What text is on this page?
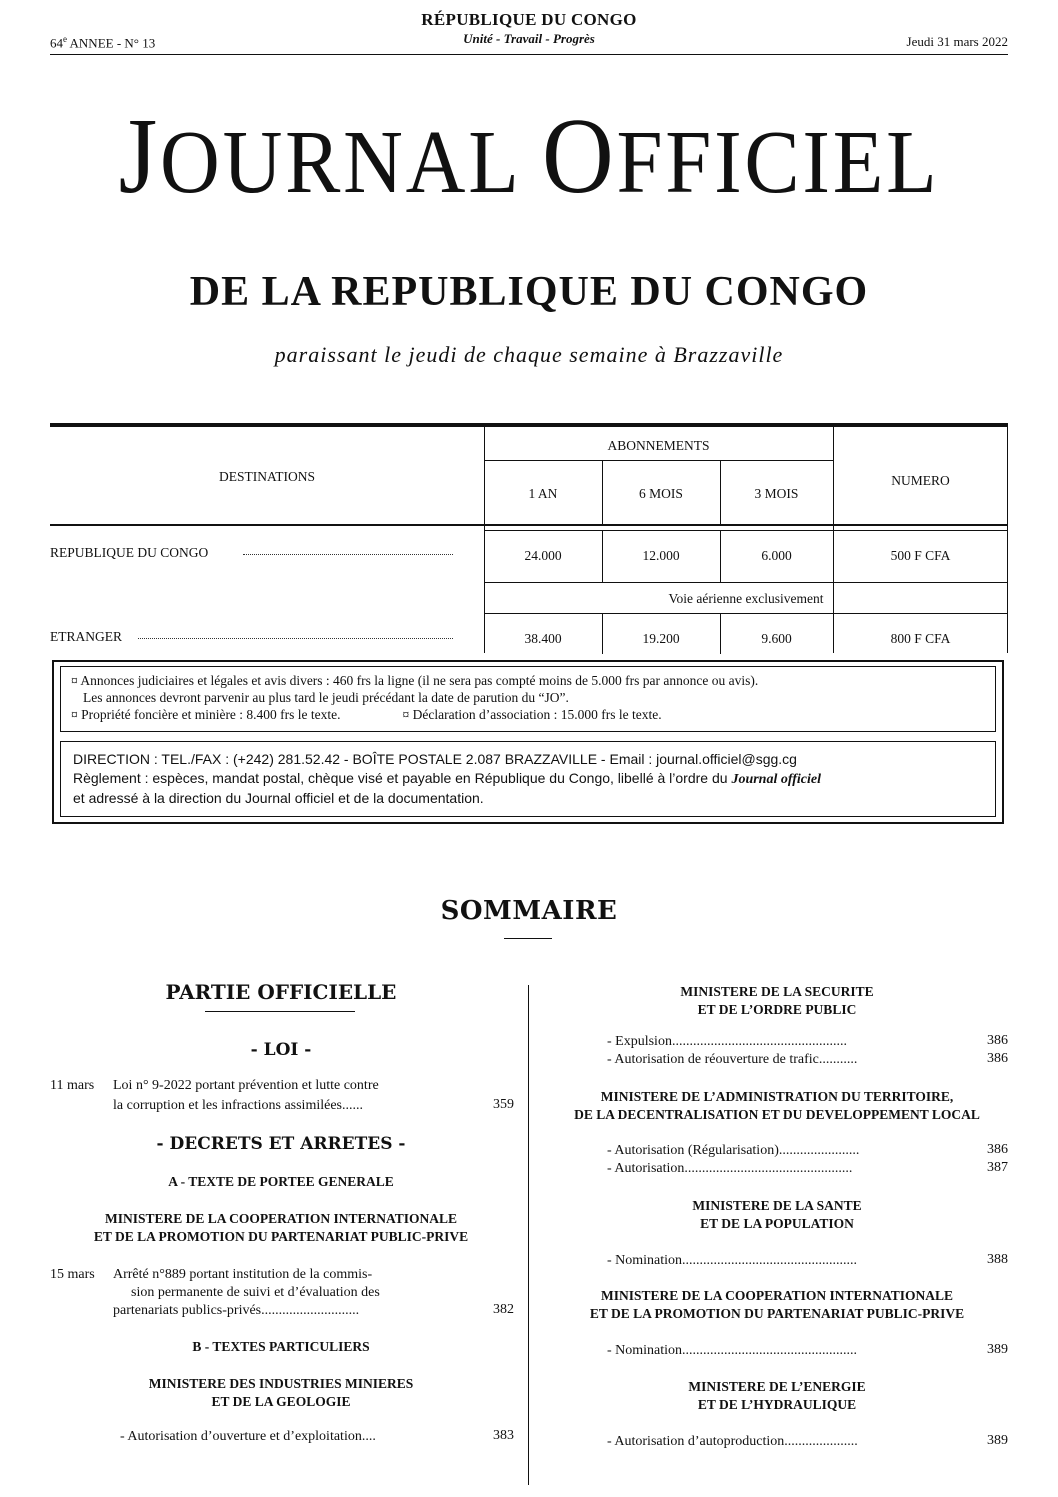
RÉPUBLIQUE DU CONGO
Unité - Travail - Progrès
64e ANNEE - N° 13	Jeudi 31 mars 2022
JOURNAL OFFICIEL
DE LA REPUBLIQUE DU CONGO
paraissant le jeudi de chaque semaine à Brazzaville
DESTINATIONS
ABONNEMENTS
1 AN	6 MOIS	3 MOIS
NUMERO
REPUBLIQUE DU CONGO	24.000	12.000	6.000	500 F CFA
Voie aérienne exclusivement
ETRANGER	38.400	19.200	9.600	800 F CFA
¤ Annonces judiciaires et légales et avis divers : 460 frs la ligne (il ne sera pas compté moins de 5.000 frs par annonce ou avis).
Les annonces devront parvenir au plus tard le jeudi précédant la date de parution du “JO”.
¤ Propriété foncière et minière : 8.400 frs le texte.	¤ Déclaration d’association : 15.000 frs le texte.
DIRECTION : TEL./FAX : (+242) 281.52.42 - BOÎTE POSTALE 2.087 BRAZZAVILLE - Email : journal.officiel@sgg.cg
Règlement : espèces, mandat postal, chèque visé et payable en République du Congo, libellé à l’ordre du Journal officiel
et adressé à la direction du Journal officiel et de la documentation.
SOMMAIRE
PARTIE OFFICIELLE
- LOI -
11 mars Loi n° 9-2022 portant prévention et lutte contre
la corruption et les infractions assimilées......	359
- DECRETS ET ARRETES -
A - TEXTE DE PORTEE GENERALE
MINISTERE DE LA COOPERATION INTERNATIONALE
ET DE LA PROMOTION DU PARTENARIAT PUBLIC-PRIVE
15 mars Arrêté n°889 portant institution de la commis-
sion permanente de suivi et d’évaluation des
partenariats publics-privés............................	382
B - TEXTES PARTICULIERS
MINISTERE DES INDUSTRIES MINIERES
ET DE LA GEOLOGIE
- Autorisation d’ouverture et d’exploitation....	383
MINISTERE DE LA SECURITE
ET DE L’ORDRE PUBLIC
- Expulsion..................................................	386
- Autorisation de réouverture de trafic...........	386
MINISTERE DE L’ADMINISTRATION DU TERRITOIRE,
DE LA DECENTRALISATION ET DU DEVELOPPEMENT LOCAL
- Autorisation (Régularisation).......................	386
- Autorisation................................................	387
MINISTERE DE LA SANTE
ET DE LA POPULATION
- Nomination..................................................	388
MINISTERE DE LA COOPERATION INTERNATIONALE
ET DE LA PROMOTION DU PARTENARIAT PUBLIC-PRIVE
- Nomination..................................................	389
MINISTERE DE L’ENERGIE
ET DE L’HYDRAULIQUE
- Autorisation d’autoproduction.....................	389
